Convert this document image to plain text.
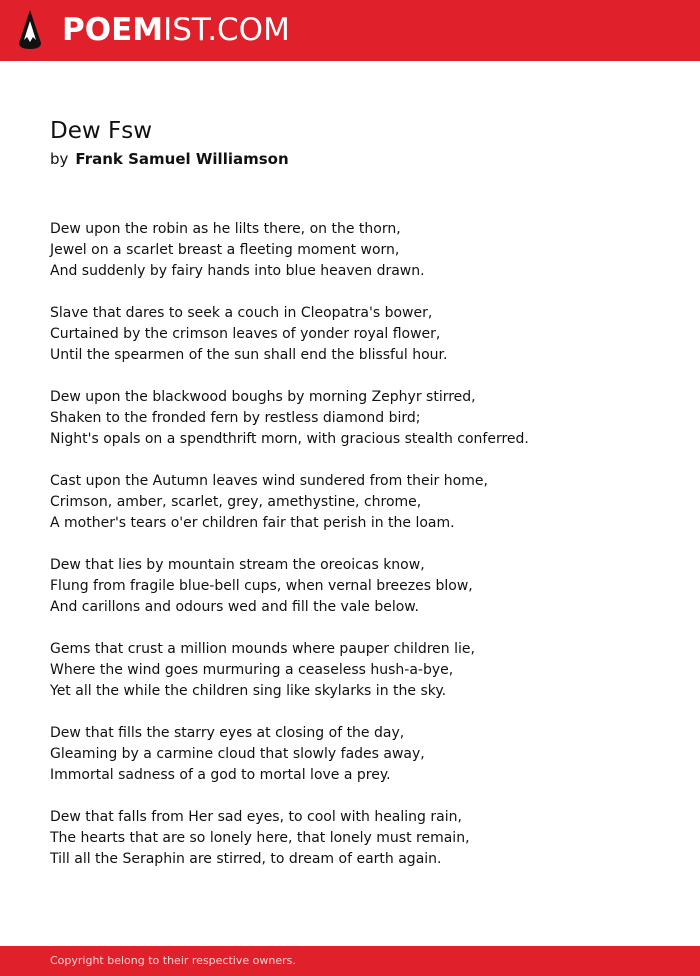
POEMIST.COM
Dew Fsw
by Frank Samuel Williamson
Dew upon the robin as he lilts there, on the thorn,
Jewel on a scarlet breast a fleeting moment worn,
And suddenly by fairy hands into blue heaven drawn.
Slave that dares to seek a couch in Cleopatra's bower,
Curtained by the crimson leaves of yonder royal flower,
Until the spearmen of the sun shall end the blissful hour.
Dew upon the blackwood boughs by morning Zephyr stirred,
Shaken to the fronded fern by restless diamond bird;
Night's opals on a spendthrift morn, with gracious stealth conferred.
Cast upon the Autumn leaves wind sundered from their home,
Crimson, amber, scarlet, grey, amethystine, chrome,
A mother's tears o'er children fair that perish in the loam.
Dew that lies by mountain stream the oreoicas know,
Flung from fragile blue-bell cups, when vernal breezes blow,
And carillons and odours wed and fill the vale below.
Gems that crust a million mounds where pauper children lie,
Where the wind goes murmuring a ceaseless hush-a-bye,
Yet all the while the children sing like skylarks in the sky.
Dew that fills the starry eyes at closing of the day,
Gleaming by a carmine cloud that slowly fades away,
Immortal sadness of a god to mortal love a prey.
Dew that falls from Her sad eyes, to cool with healing rain,
The hearts that are so lonely here, that lonely must remain,
Till all the Seraphin are stirred, to dream of earth again.
Copyright belong to their respective owners.
